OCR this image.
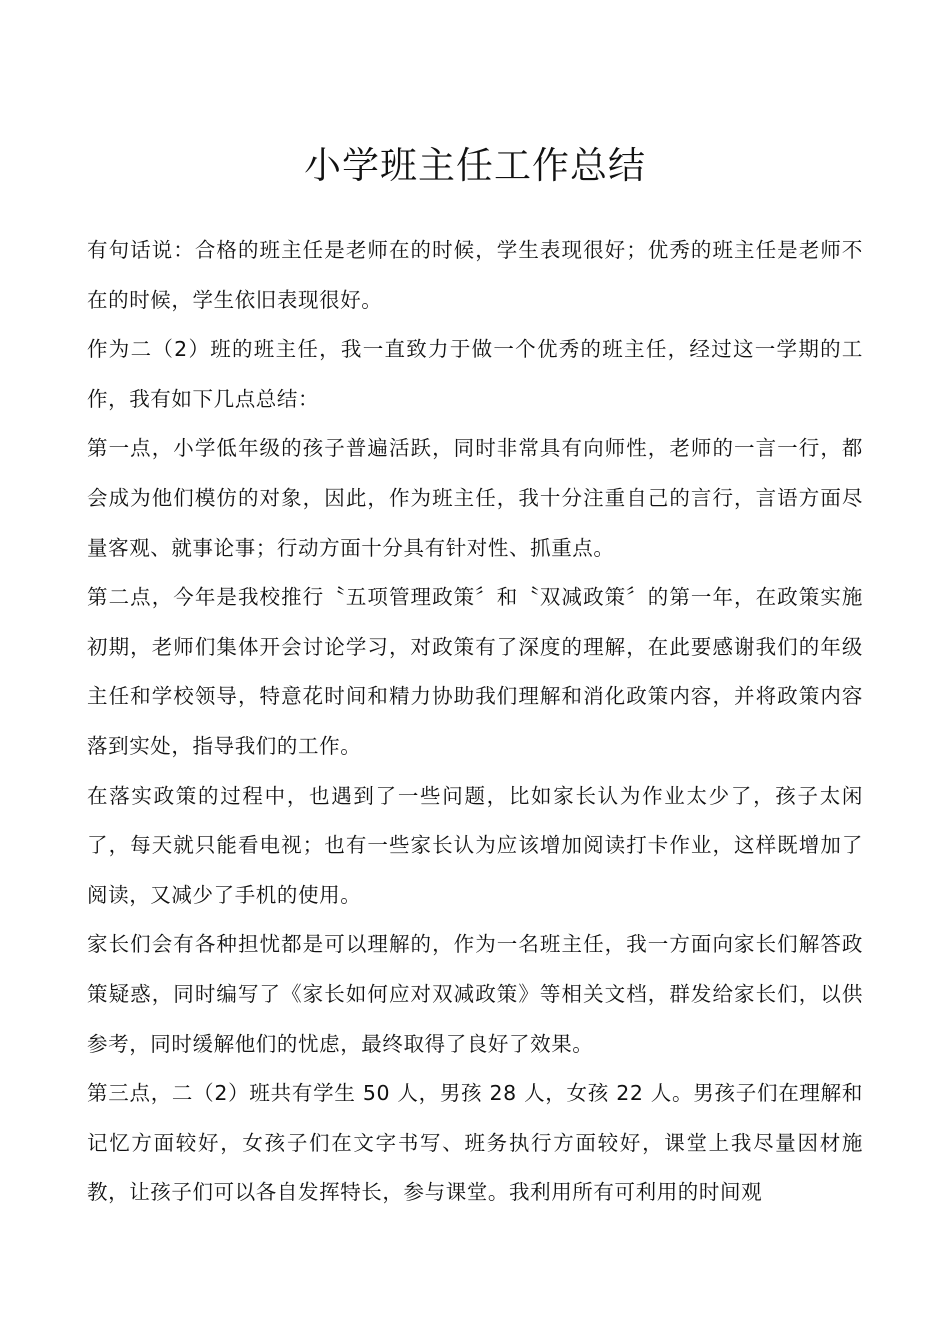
小学班主任工作总结

有句话说：合格的班主任是老师在的时候，学生表现很好；优秀的班主任是老师不在的时候，学生依旧表现很好。

作为二（2）班的班主任，我一直致力于做一个优秀的班主任，经过这一学期的工作，我有如下几点总结：

第一点，小学低年级的孩子普遍活跃，同时非常具有向师性，老师的一言一行，都会成为他们模仿的对象，因此，作为班主任，我十分注重自己的言行，言语方面尽量客观、就事论事；行动方面十分具有针对性、抓重点。

第二点，今年是我校推行〝五项管理政策〞和〝双减政策〞的第一年，在政策实施初期，老师们集体开会讨论学习，对政策有了深度的理解，在此要感谢我们的年级主任和学校领导，特意花时间和精力协助我们理解和消化政策内容，并将政策内容落到实处，指导我们的工作。

在落实政策的过程中，也遇到了一些问题，比如家长认为作业太少了，孩子太闲了，每天就只能看电视；也有一些家长认为应该增加阅读打卡作业，这样既增加了阅读，又减少了手机的使用。

家长们会有各种担忧都是可以理解的，作为一名班主任，我一方面向家长们解答政策疑惑，同时编写了《家长如何应对双减政策》等相关文档，群发给家长们，以供参考，同时缓解他们的忧虑，最终取得了良好了效果。

第三点，二（2）班共有学生 50 人，男孩 28 人，女孩 22 人。男孩子们在理解和记忆方面较好，女孩子们在文字书写、班务执行方面较好，课堂上我尽量因材施教，让孩子们可以各自发挥特长，参与课堂。我利用所有可利用的时间观
